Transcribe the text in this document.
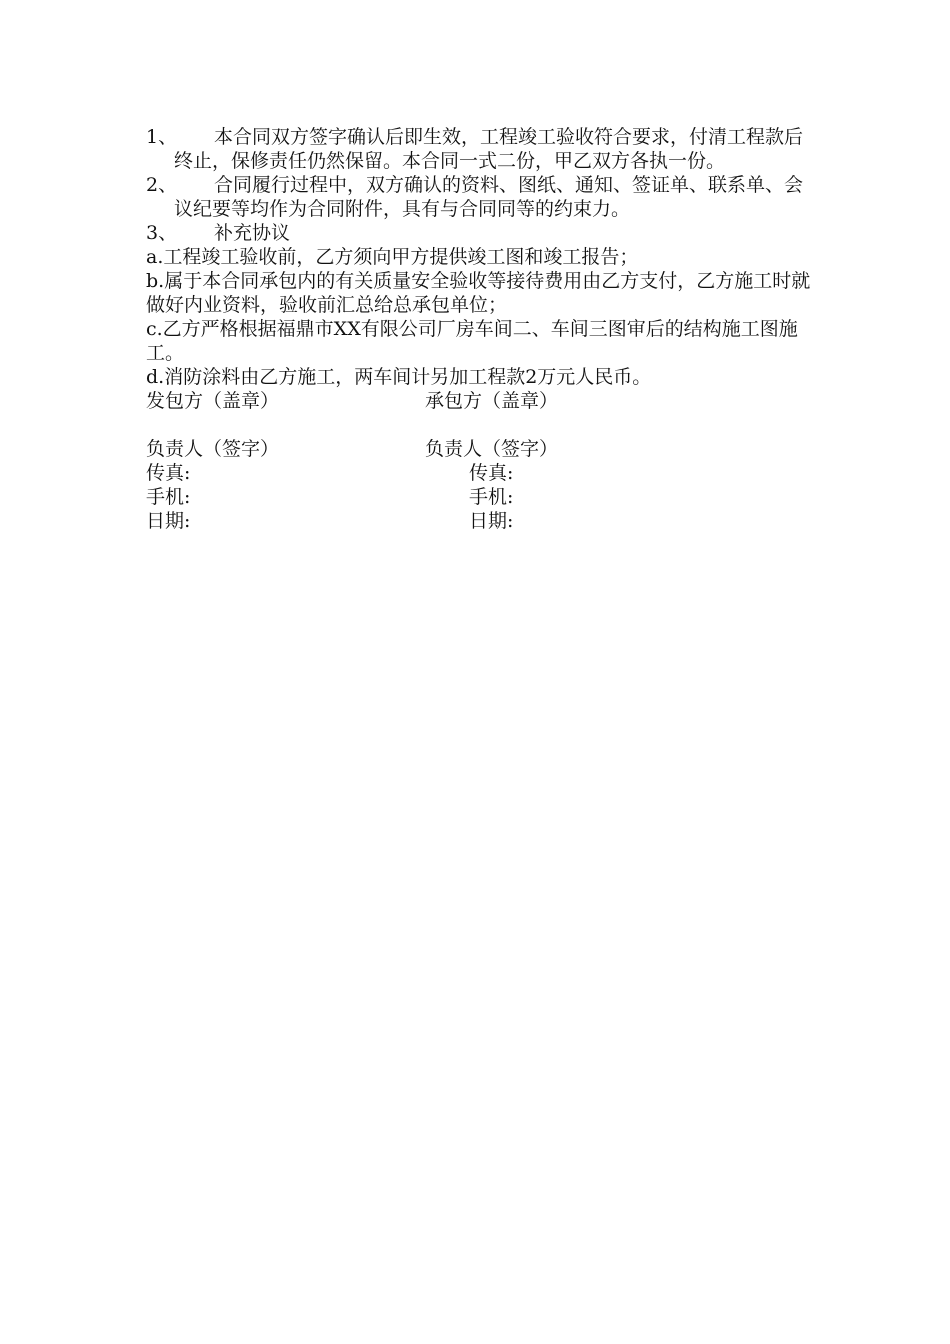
1、 本合同双方签字确认后即生效，工程竣工验收符合要求，付清工程款后终止，保修责任仍然保留。本合同一式二份，甲乙双方各执一份。
2、 合同履行过程中，双方确认的资料、图纸、通知、签证单、联系单、会议纪要等均作为合同附件，具有与合同同等的约束力。
3、 补充协议
a.工程竣工验收前，乙方须向甲方提供竣工图和竣工报告；
b.属于本合同承包内的有关质量安全验收等接待费用由乙方支付，乙方施工时就做好内业资料，验收前汇总给总承包单位；
c.乙方严格根据福鼎市XX有限公司厂房车间二、车间三图审后的结构施工图施工。
d.消防涂料由乙方施工，两车间计另加工程款2万元人民币。
发包方（盖章）	承包方（盖章）
负责人（签字）	负责人（签字）
传真:	传真:
手机:	手机:
日期:	日期:
